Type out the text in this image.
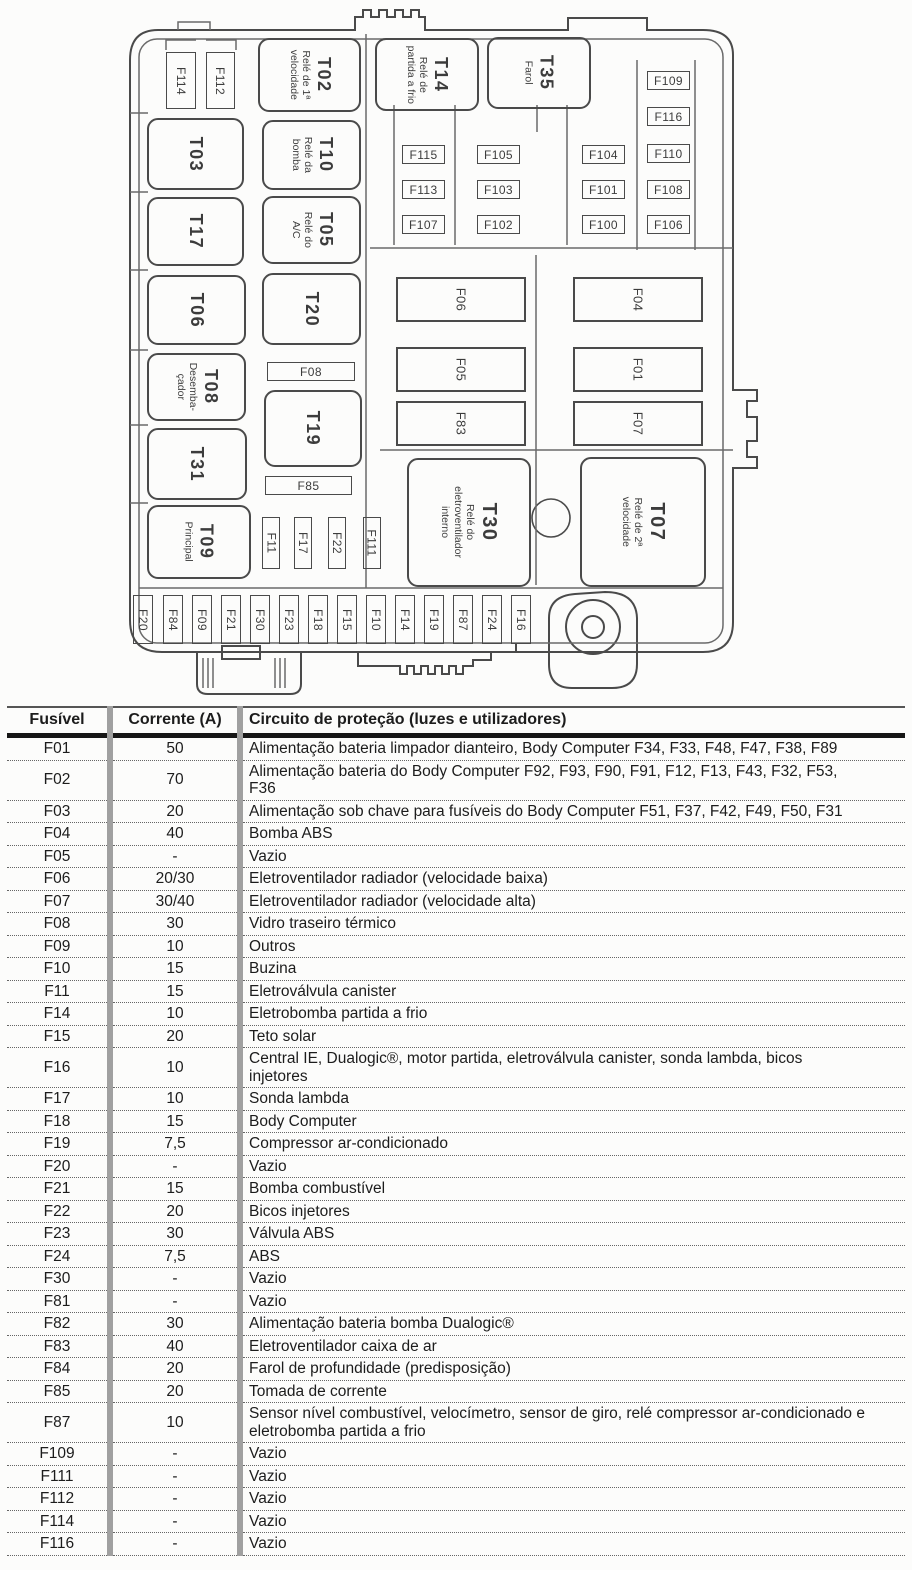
T03
T17
T06
T08
Desemba-çador
T31
T09
Principal
T02
Relé de 1ª velocidade
T10
Relé da bomba
T05
Relé do A/C
T20
T19
T14
Relé de partida a frio	T35
Farol
T30
Relé do eletroventilador interno	T07
Relé de 2ª velocidade
F114 F112
F115
F113
F107
F105
F103
F102
F104
F101
F100
F109
F116
F110
F108
F106
F08
F85
F11 F17 F22 F111
F06
F05
F83
F04
F01
F07
F20 F84 F09 F21 F30 F23 F18 F15 F10 F14 F19 F87 F24 F16
Fusível	Corrente (A)	Circuito de proteção (luzes e utilizadores)
F01	50	Alimentação bateria limpador dianteiro, Body Computer F34, F33, F48, F47, F38, F89
F02	70	Alimentação bateria do Body Computer F92, F93, F90, F91, F12, F13, F43, F32, F53, F36
F03	20	Alimentação sob chave para fusíveis do Body Computer F51, F37, F42, F49, F50, F31
F04	40	Bomba ABS
F05	-	Vazio
F06	20/30	Eletroventilador radiador (velocidade baixa)
F07	30/40	Eletroventilador radiador (velocidade alta)
F08	30	Vidro traseiro térmico
F09	10	Outros
F10	15	Buzina
F11	15	Eletroválvula canister
F14	10	Eletrobomba partida a frio
F15	20	Teto solar
F16	10	Central IE, Dualogic®, motor partida, eletroválvula canister, sonda lambda, bicos injetores
F17	10	Sonda lambda
F18	15	Body Computer
F19	7,5	Compressor ar-condicionado
F20	-	Vazio
F21	15	Bomba combustível
F22	20	Bicos injetores
F23	30	Válvula ABS
F24	7,5	ABS
F30	-	Vazio
F81	-	Vazio
F82	30	Alimentação bateria bomba Dualogic®
F83	40	Eletroventilador caixa de ar
F84	20	Farol de profundidade (predisposição)
F85	20	Tomada de corrente
F87	10	Sensor nível combustível, velocímetro, sensor de giro, relé compressor ar-condicionado e eletrobomba partida a frio
F109	-	Vazio
F111	-	Vazio
F112	-	Vazio
F114	-	Vazio
F116	-	Vazio
